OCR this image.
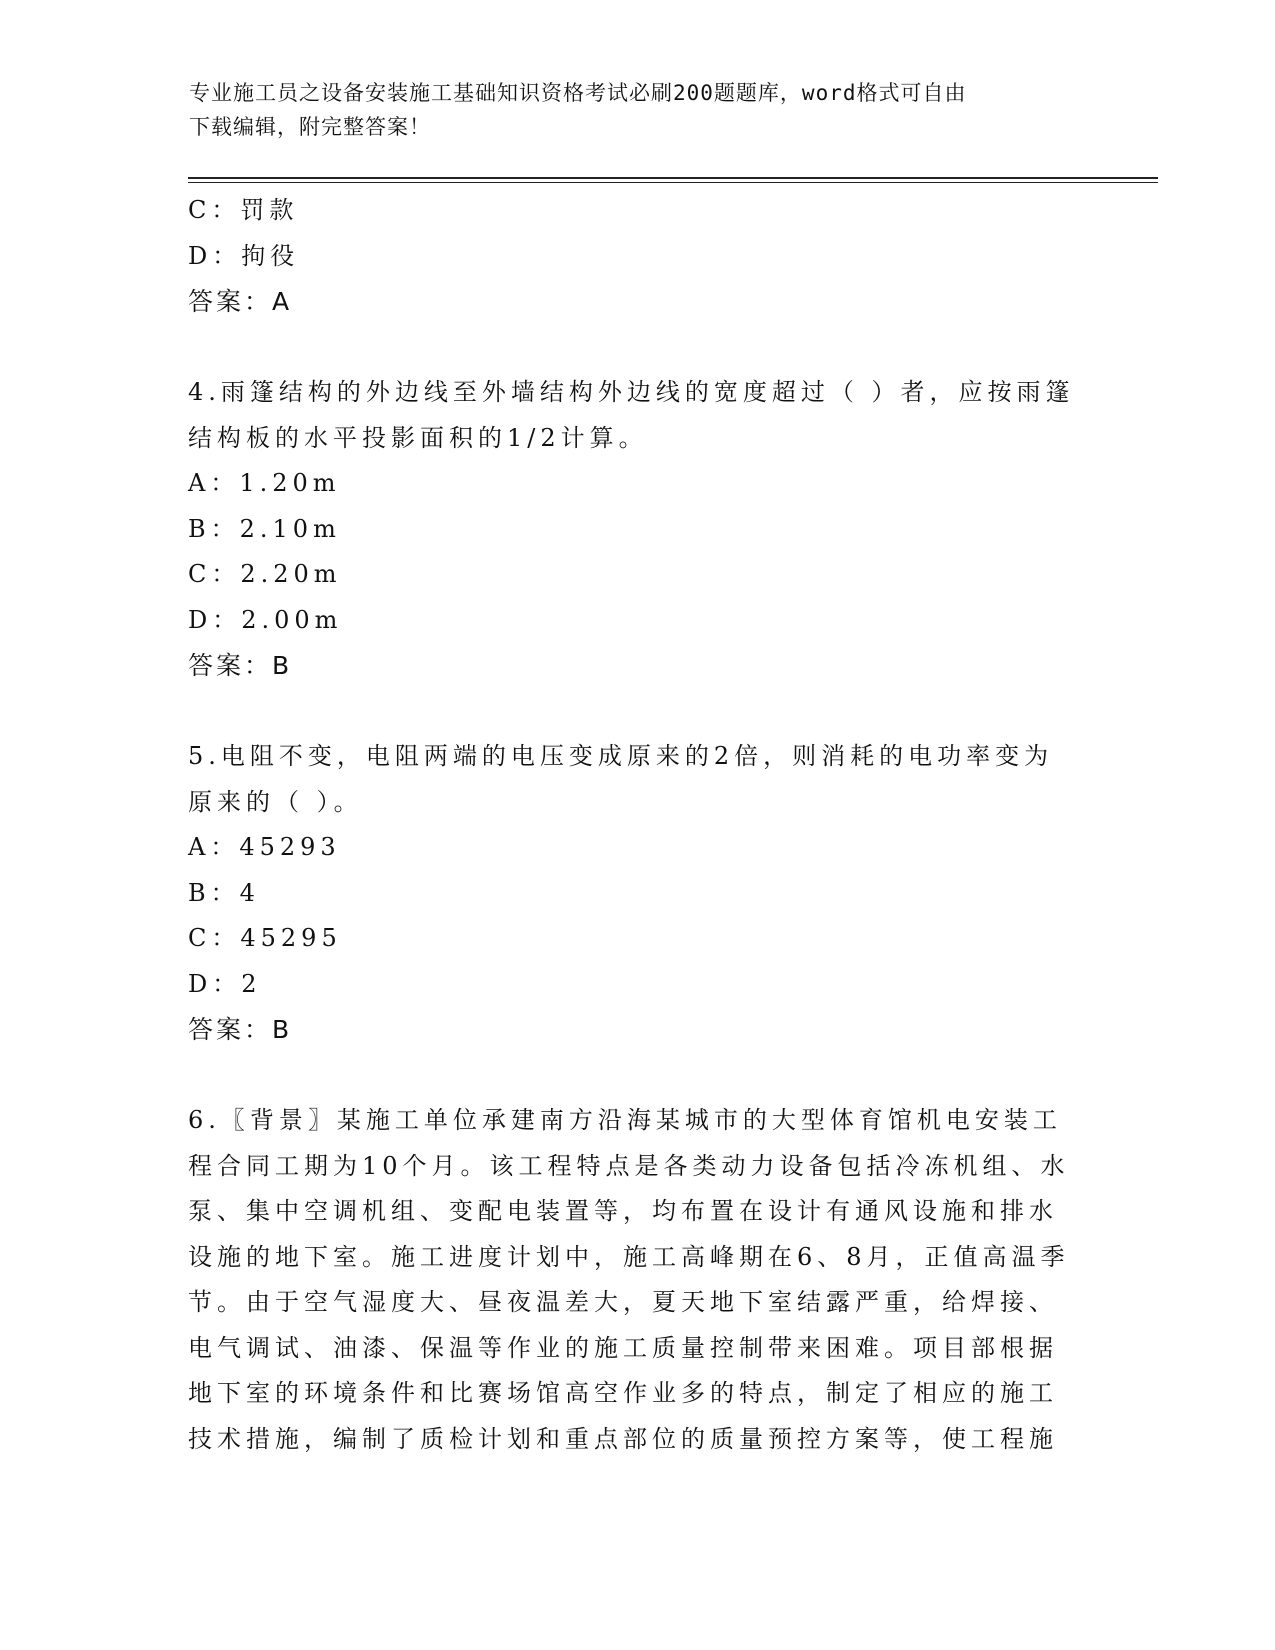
专业施工员之设备安装施工基础知识资格考试必刷200题题库，word格式可自由
下载编辑，附完整答案！
C：罚款
D：拘役
答案：A
4.雨篷结构的外边线至外墙结构外边线的宽度超过（ ）者，应按雨篷
结构板的水平投影面积的1/2计算。
A：1.20m
B：2.10m
C：2.20m
D：2.00m
答案：B
5.电阻不变，电阻两端的电压变成原来的2倍，则消耗的电功率变为
原来的（ ）。
A：45293
B：4
C：45295
D：2
答案：B
6.〖背景〗某施工单位承建南方沿海某城市的大型体育馆机电安装工
程合同工期为10个月。该工程特点是各类动力设备包括冷冻机组、水
泵、集中空调机组、变配电装置等，均布置在设计有通风设施和排水
设施的地下室。施工进度计划中，施工高峰期在6、8月，正值高温季
节。由于空气湿度大、昼夜温差大，夏天地下室结露严重，给焊接、
电气调试、油漆、保温等作业的施工质量控制带来困难。项目部根据
地下室的环境条件和比赛场馆高空作业多的特点，制定了相应的施工
技术措施，编制了质检计划和重点部位的质量预控方案等，使工程施
